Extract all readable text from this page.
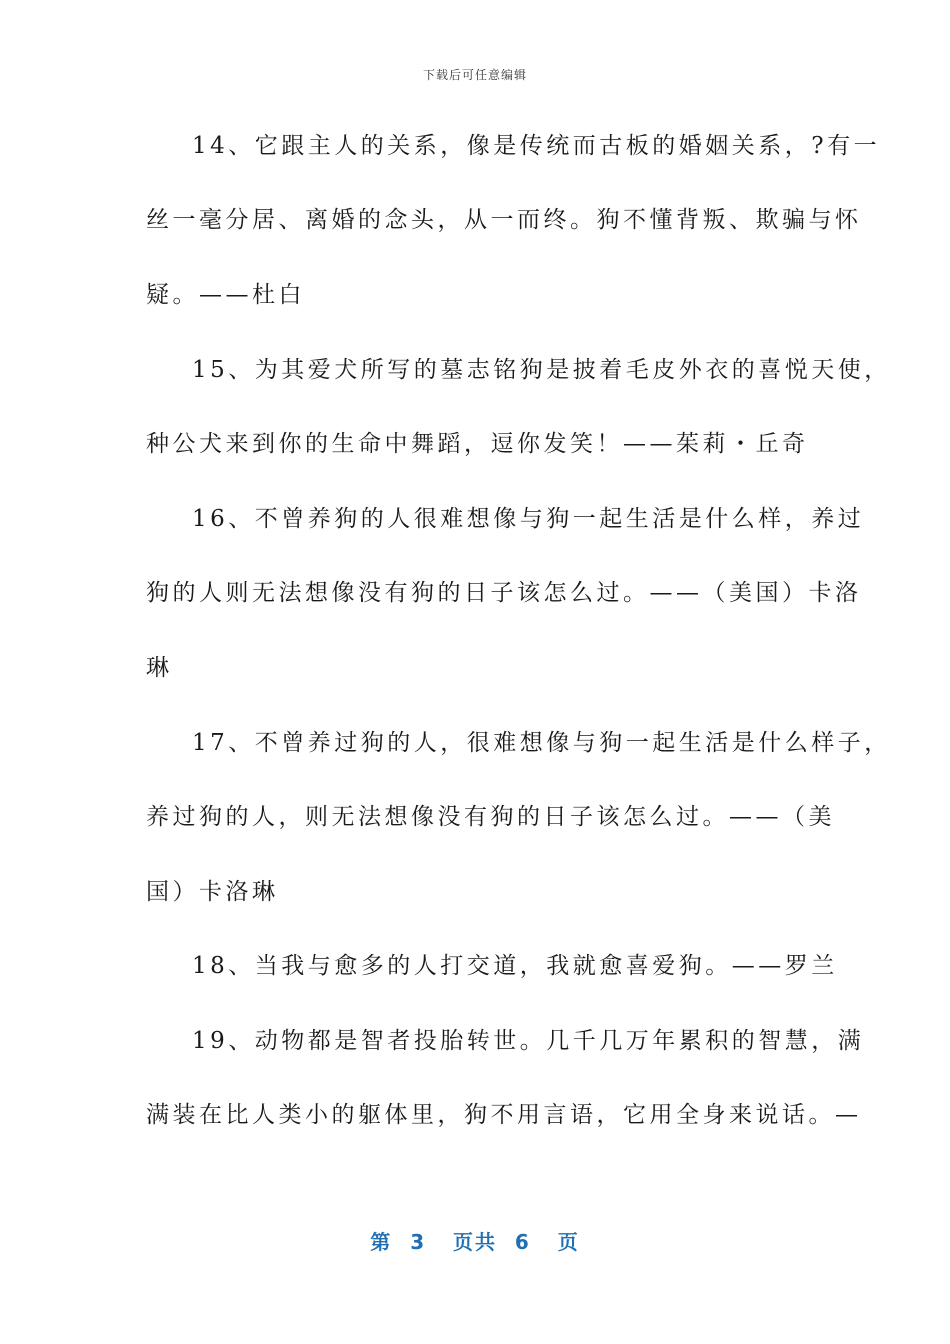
下载后可任意编辑
14、它跟主人的关系，像是传统而古板的婚姻关系，?有一
丝一毫分居、离婚的念头，从一而终。狗不懂背叛、欺骗与怀
疑。——杜白
15、为其爱犬所写的墓志铭狗是披着毛皮外衣的喜悦天使，
种公犬来到你的生命中舞蹈，逗你发笑！——茱莉・丘奇
16、不曾养狗的人很难想像与狗一起生活是什么样，养过
狗的人则无法想像没有狗的日子该怎么过。——（美国）卡洛
琳
17、不曾养过狗的人，很难想像与狗一起生活是什么样子，
养过狗的人，则无法想像没有狗的日子该怎么过。——（美
国）卡洛琳
18、当我与愈多的人打交道，我就愈喜爱狗。——罗兰
19、动物都是智者投胎转世。几千几万年累积的智慧，满
满装在比人类小的躯体里，狗不用言语，它用全身来说话。—
第  3   页共  6   页
